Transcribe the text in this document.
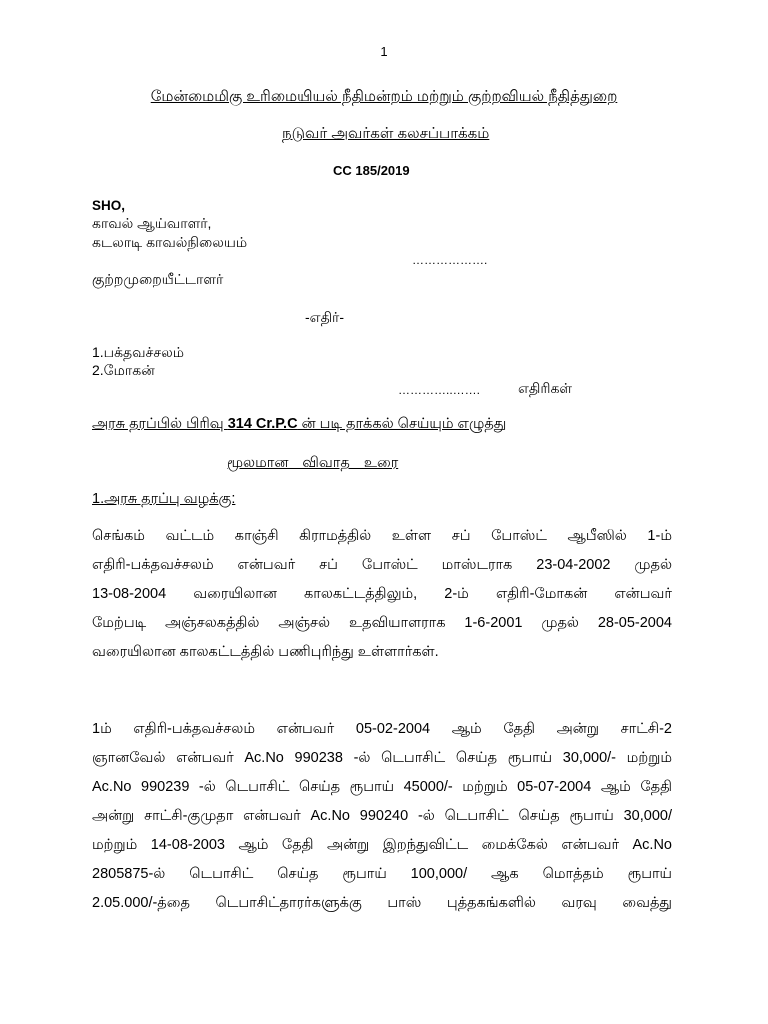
1
மேன்மைமிகு உரிமையியல் நீதிமன்றம் மற்றும் குற்றவியல் நீதித்துறை
நடுவர் அவர்கள் கலசப்பாக்கம்
CC 185/2019
SHO,
காவல் ஆய்வாளர்,
கடலாடி காவல்நிலையம்
……………….
குற்றமுறையீட்டாளர்
-எதிர்-
1.பக்தவச்சலம்
2.மோகன்
…………..…….	எதிரிகள்
அரசு தரப்பில் பிரிவு 314 Cr.P.C ன் படி தாக்கல் செய்யும் எழுத்து
மூலமான விவாத உரை
1.அரசு தரப்பு வழக்கு:
செங்கம் வட்டம் காஞ்சி கிராமத்தில் உள்ள சப் போஸ்ட் ஆபீஸில் 1-ம்
எதிரி-பக்தவச்சலம் என்பவர் சப் போஸ்ட் மாஸ்டராக 23-04-2002 முதல்
13-08-2004 வரையிலான காலகட்டத்திலும், 2-ம் எதிரி-மோகன் என்பவர்
மேற்படி அஞ்சலகத்தில் அஞ்சல் உதவியாளராக 1-6-2001 முதல் 28-05-2004
வரையிலான காலகட்டத்தில் பணிபுரிந்து உள்ளார்கள்.
1ம் எதிரி-பக்தவச்சலம் என்பவர் 05-02-2004 ஆம் தேதி அன்று சாட்சி-2
ஞானவேல் என்பவர் Ac.No 990238 -ல் டெபாசிட் செய்த ரூபாய் 30,000/- மற்றும்
Ac.No 990239 -ல் டெபாசிட் செய்த ரூபாய் 45000/- மற்றும் 05-07-2004 ஆம் தேதி
அன்று சாட்சி-குமுதா என்பவர் Ac.No 990240 -ல் டெபாசிட் செய்த ரூபாய் 30,000/
மற்றும் 14-08-2003 ஆம் தேதி அன்று இறந்துவிட்ட மைக்கேல் என்பவர் Ac.No
2805875-ல் டெபாசிட் செய்த ரூபாய் 100,000/ ஆக மொத்தம் ரூபாய்
2.05.000/-த்தை டெபாசிட்தாரர்களுக்கு பாஸ் புத்தகங்களில் வரவு வைத்து
